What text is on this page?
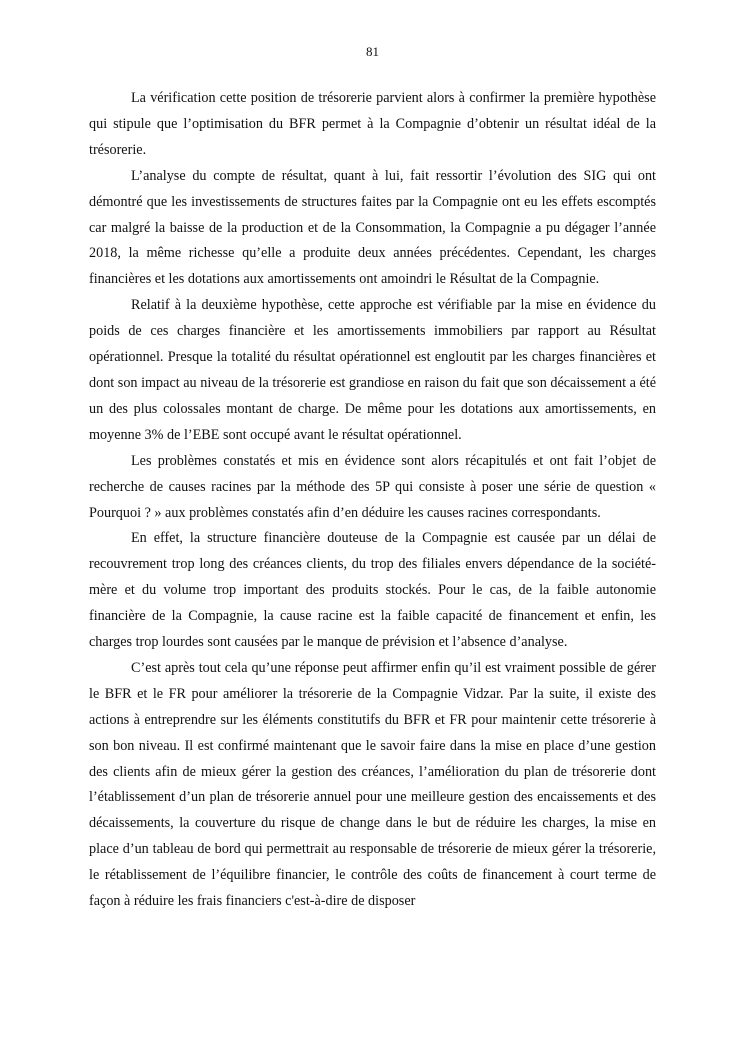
81

La vérification cette position de trésorerie parvient alors à confirmer la première hypothèse qui stipule que l’optimisation du BFR permet à la Compagnie d’obtenir un résultat idéal de la trésorerie.

L’analyse du compte de résultat, quant à lui, fait ressortir l’évolution des SIG qui ont démontré que les investissements de structures faites par la Compagnie ont eu les effets escomptés car malgré la baisse de la production et de la Consommation, la Compagnie a pu dégager l’année 2018, la même richesse qu’elle a produite deux années précédentes. Cependant, les charges financières et les dotations aux amortissements ont amoindri le Résultat de la Compagnie.

Relatif à la deuxième hypothèse, cette approche est vérifiable par la mise en évidence du poids de ces charges financière et les amortissements immobiliers par rapport au Résultat opérationnel. Presque la totalité du résultat opérationnel est engloutit par les charges financières et dont son impact au niveau de la trésorerie est grandiose en raison du fait que son décaissement a été un des plus colossales montant de charge. De même pour les dotations aux amortissements, en moyenne 3% de l’EBE sont occupé avant le résultat opérationnel.

Les problèmes constatés et mis en évidence sont alors récapitulés et ont fait l’objet de recherche de causes racines par la méthode des 5P qui consiste à poser une série de question « Pourquoi ? » aux problèmes constatés afin d’en déduire les causes racines correspondants.

En effet, la structure financière douteuse de la Compagnie est causée par un délai de recouvrement trop long des créances clients, du trop des filiales envers dépendance de la société-mère et du volume trop important des produits stockés. Pour le cas, de la faible autonomie financière de la Compagnie, la cause racine est la faible capacité de financement et enfin, les charges trop lourdes sont causées par le manque de prévision et l’absence d’analyse.

C’est après tout cela qu’une réponse peut affirmer enfin qu’il est vraiment possible de gérer le BFR et le FR pour améliorer la trésorerie de la Compagnie Vidzar. Par la suite, il existe des actions à entreprendre sur les éléments constitutifs du BFR et FR pour maintenir cette trésorerie à son bon niveau. Il est confirmé maintenant que le savoir faire dans la mise en place d’une gestion des clients afin de mieux gérer la gestion des créances, l’amélioration du plan de trésorerie dont l’établissement d’un plan de trésorerie annuel pour une meilleure gestion des encaissements et des décaissements, la couverture du risque de change dans le but de réduire les charges, la mise en place d’un tableau de bord qui permettrait au responsable de trésorerie de mieux gérer la trésorerie, le rétablissement de l’équilibre financier, le contrôle des coûts de financement à court terme de façon à réduire les frais financiers c'est-à-dire de disposer
